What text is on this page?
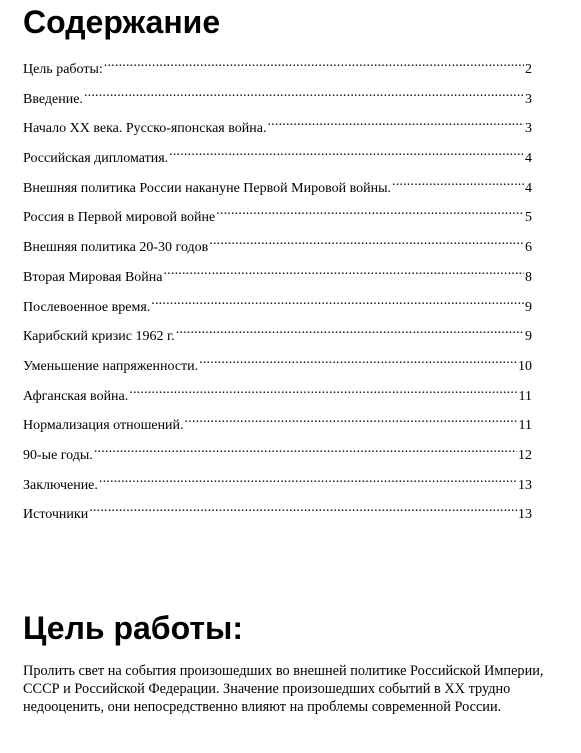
Содержание
Цель работы: .....	2
Введение. .....	3
Начало XX века. Русско-японская война. .....	3
Российская дипломатия. .....	4
Внешняя политика России накануне Первой Мировой войны. .....	4
Россия в Первой мировой войне .....	5
Внешняя политика 20-30 годов .....	6
Вторая Мировая Война .....	8
Послевоенное время. .....	9
Карибский кризис 1962 г. .....	9
Уменьшение напряженности. .....	10
Афганская война. .....	11
Нормализация отношений. .....	11
90-ые годы. .....	12
Заключение. .....	13
Источники .....	13
Цель работы:

Пролить свет на события произошедших во внешней политике Российской Империи, СССР и Российской Федерации. Значение произошедших событий в XX трудно недооценить, они непосредственно влияют на проблемы современной России.
